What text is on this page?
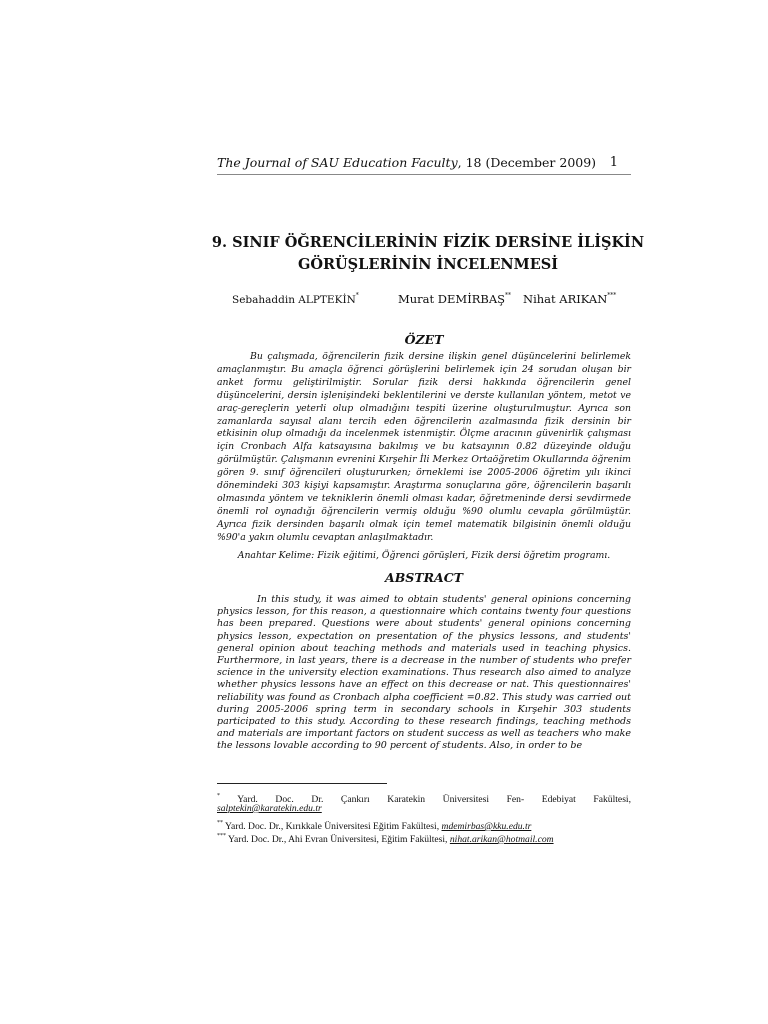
The Journal of SAU Education Faculty, 18 (December 2009)	1
9. SINIF ÖĞRENCİLERİNİN FİZİK DERSİNE İLİŞKİN
GÖRÜŞLERİNİN İNCELENMESİ
Sebahaddin ALPTEKİN*	Murat DEMİRBAŞ** Nihat ARIKAN***
ÖZET
Bu çalışmada, öğrencilerin fizik dersine ilişkin genel düşüncelerini belirlemek amaçlanmıştır. Bu amaçla öğrenci görüşlerini belirlemek için 24 sorudan oluşan bir anket formu geliştirilmiştir. Sorular fizik dersi hakkında öğrencilerin genel düşüncelerini, dersin işlenişindeki beklentilerini ve derste kullanılan yöntem, metot ve araç-gereçlerin yeterli olup olmadığını tespiti üzerine oluşturulmuştur. Ayrıca son zamanlarda sayısal alanı tercih eden öğrencilerin azalmasında fizik dersinin bir etkisinin olup olmadığı da incelenmek istenmiştir. Ölçme aracının güvenirlik çalışması için Cronbach Alfa katsayısına bakılmış ve bu katsayının 0.82 düzeyinde olduğu görülmüştür. Çalışmanın evrenini Kırşehir İli Merkez Ortaöğretim Okullarında öğrenim gören 9. sınıf öğrencileri oluştururken; örneklemi ise 2005-2006 öğretim yılı ikinci dönemindeki 303 kişiyi kapsamıştır. Araştırma sonuçlarına göre, öğrencilerin başarılı olmasında yöntem ve tekniklerin önemli olması kadar, öğretmeninde dersi sevdirmede önemli rol oynadığı öğrencilerin vermiş olduğu %90 olumlu cevapla görülmüştür. Ayrıca fizik dersinden başarılı olmak için temel matematik bilgisinin önemli olduğu %90'a yakın olumlu cevaptan anlaşılmaktadır.
Anahtar Kelime: Fizik eğitimi, Öğrenci görüşleri, Fizik dersi öğretim programı.
ABSTRACT
In this study, it was aimed to obtain students' general opinions concerning physics lesson, for this reason, a questionnaire which contains twenty four questions has been prepared. Questions were about students' general opinions concerning physics lesson, expectation on presentation of the physics lessons, and students' general opinion about teaching methods and materials used in teaching physics. Furthermore, in last years, there is a decrease in the number of students who prefer science in the university election examinations. Thus research also aimed to analyze whether physics lessons have an effect on this decrease or nat. This questionnaires' reliability was found as Cronbach alpha coefficient =0.82. This study was carried out during 2005-2006 spring term in secondary schools in Kırşehir 303 students participated to this study. According to these research findings, teaching methods and materials are important factors on student success as well as teachers who make the lessons lovable according to 90 percent of students. Also, in order to be
* Yard. Doc. Dr. Çankırı Karatekin Üniversitesi Fen- Edebiyat Fakültesi,
salptekin@karatekin.edu.tr
** Yard. Doc. Dr., Kırıkkale Üniversitesi Eğitim Fakültesi, mdemirbas@kku.edu.tr
*** Yard. Doc. Dr., Ahi Evran Üniversitesi, Eğitim Fakültesi, nihat.arikan@hotmail.com
